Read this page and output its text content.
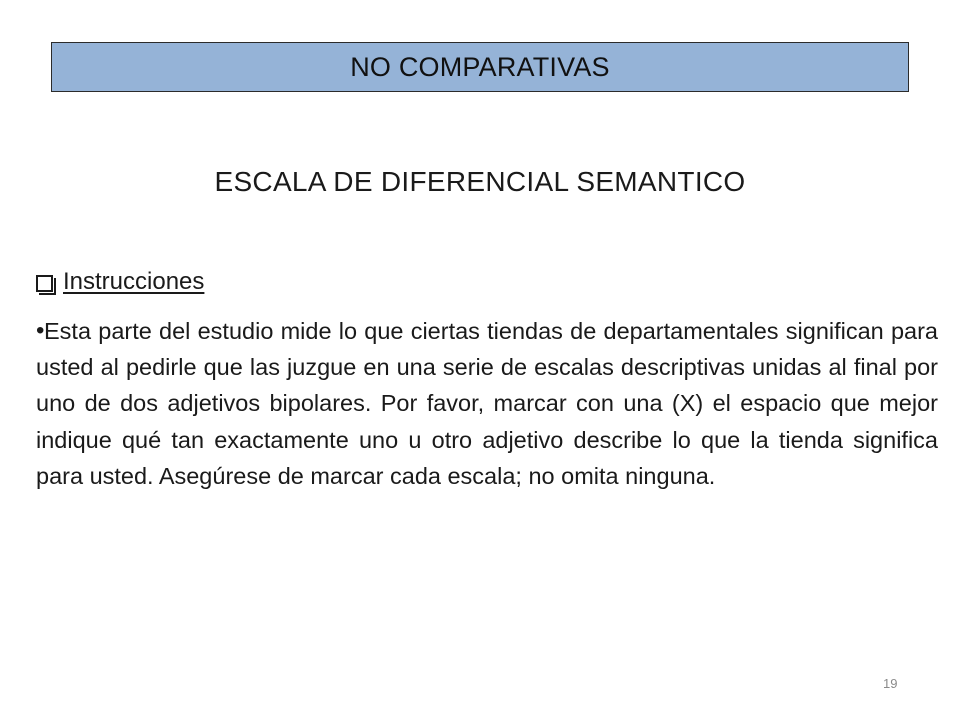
NO COMPARATIVAS
ESCALA DE DIFERENCIAL SEMANTICO
Instrucciones
• Esta parte del estudio mide lo que ciertas tiendas de departamentales significan para usted al pedirle que las juzgue en una serie de escalas descriptivas unidas al final por uno de dos adjetivos bipolares. Por favor, marcar con una (X) el espacio que mejor indique qué tan exactamente uno u otro adjetivo describe lo que la tienda significa para usted. Asegúrese de marcar cada escala; no omita ninguna.

19
